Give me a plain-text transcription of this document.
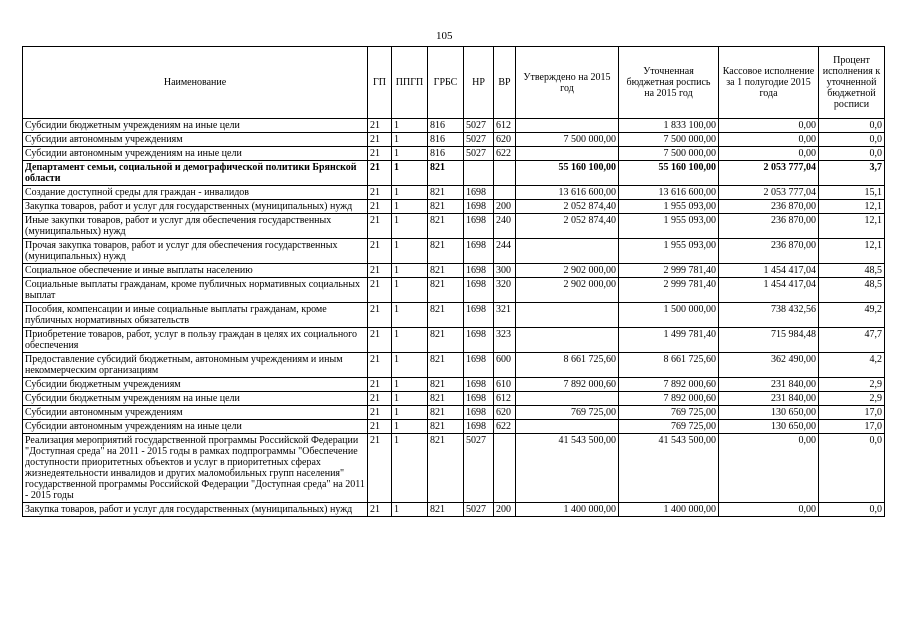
105
Наименование	ГП	ППГП	ГРБС	НР	ВР	Утверждено на 2015 год	Уточненная бюджетная роспись на 2015 год	Кассовое исполнение за 1 полугодие 2015 года	Процент исполнения к уточненной бюджетной росписи
Субсидии бюджетным учреждениям на иные цели	21	1	816	5027	612		1 833 100,00	0,00	0,0
Субсидии автономным учреждениям	21	1	816	5027	620	7 500 000,00	7 500 000,00	0,00	0,0
Субсидии автономным учреждениям на иные цели	21	1	816	5027	622		7 500 000,00	0,00	0,0
Департамент семьи, социальной и демографической политики Брянской области	21	1	821			55 160 100,00	55 160 100,00	2 053 777,04	3,7
Создание доступной среды для граждан - инвалидов	21	1	821	1698		13 616 600,00	13 616 600,00	2 053 777,04	15,1
Закупка товаров, работ и услуг для государственных (муниципальных) нужд	21	1	821	1698	200	2 052 874,40	1 955 093,00	236 870,00	12,1
Иные закупки товаров, работ и услуг для обеспечения государственных (муниципальных) нужд	21	1	821	1698	240	2 052 874,40	1 955 093,00	236 870,00	12,1
Прочая закупка товаров, работ и услуг для обеспечения государственных (муниципальных) нужд	21	1	821	1698	244		1 955 093,00	236 870,00	12,1
Социальное обеспечение и иные выплаты населению	21	1	821	1698	300	2 902 000,00	2 999 781,40	1 454 417,04	48,5
Социальные выплаты гражданам, кроме публичных нормативных социальных выплат	21	1	821	1698	320	2 902 000,00	2 999 781,40	1 454 417,04	48,5
Пособия, компенсации и иные социальные выплаты гражданам, кроме публичных нормативных обязательств	21	1	821	1698	321		1 500 000,00	738 432,56	49,2
Приобретение товаров, работ, услуг в пользу граждан в целях их социального обеспечения	21	1	821	1698	323		1 499 781,40	715 984,48	47,7
Предоставление субсидий бюджетным, автономным учреждениям и иным некоммерческим организациям	21	1	821	1698	600	8 661 725,60	8 661 725,60	362 490,00	4,2
Субсидии бюджетным учреждениям	21	1	821	1698	610	7 892 000,60	7 892 000,60	231 840,00	2,9
Субсидии бюджетным учреждениям на иные цели	21	1	821	1698	612		7 892 000,60	231 840,00	2,9
Субсидии автономным учреждениям	21	1	821	1698	620	769 725,00	769 725,00	130 650,00	17,0
Субсидии автономным учреждениям на иные цели	21	1	821	1698	622		769 725,00	130 650,00	17,0
Реализация мероприятий государственной программы Российской Федерации "Доступная среда" на 2011 - 2015 годы в рамках подпрограммы "Обеспечение доступности приоритетных объектов и услуг в приоритетных сферах жизнедеятельности инвалидов и других маломобильных групп населения" государственной программы Российской Федерации "Доступная среда" на 2011 - 2015 годы	21	1	821	5027		41 543 500,00	41 543 500,00	0,00	0,0
Закупка товаров, работ и услуг для государственных (муниципальных) нужд	21	1	821	5027	200	1 400 000,00	1 400 000,00	0,00	0,0
